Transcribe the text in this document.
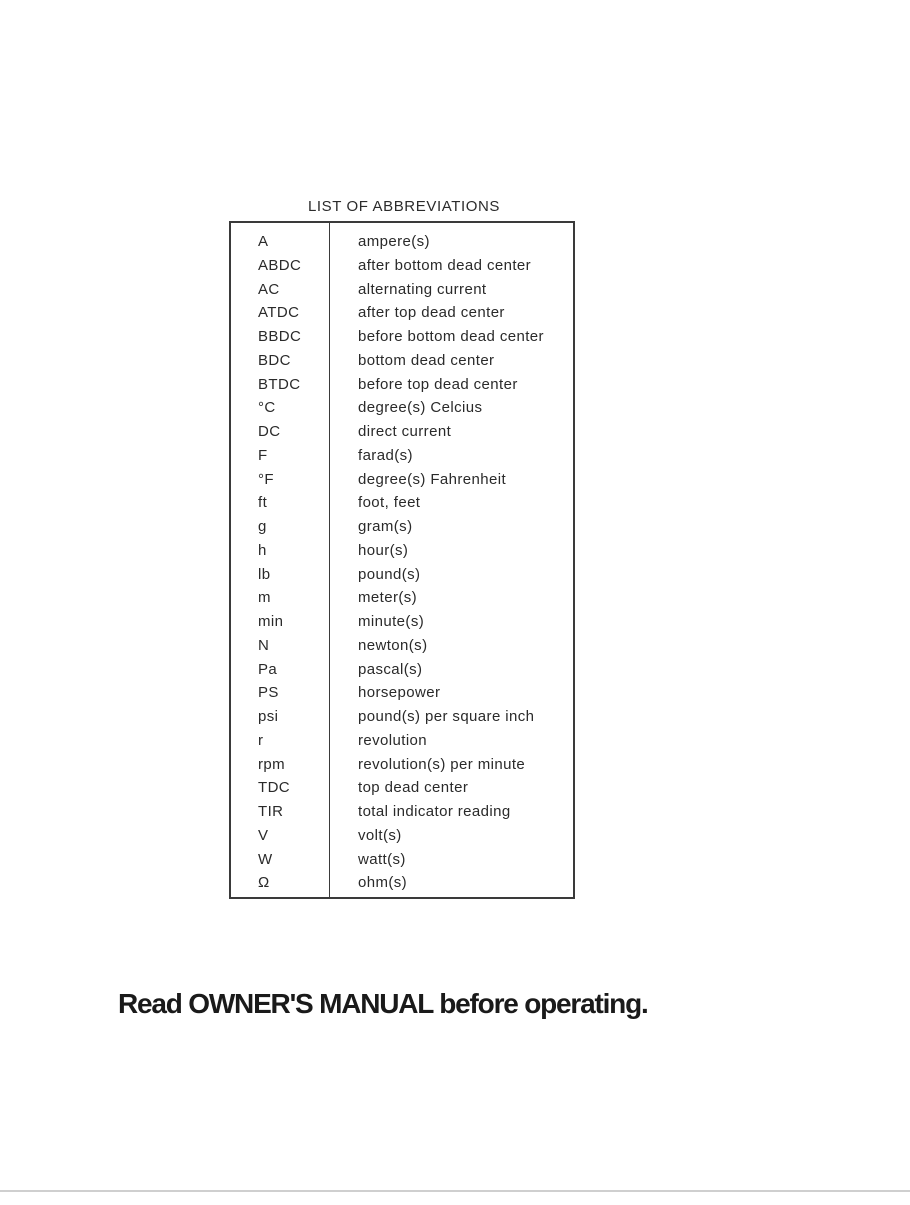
LIST OF ABBREVIATIONS
A	ampere(s)
ABDC	after bottom dead center
AC	alternating current
ATDC	after top dead center
BBDC	before bottom dead center
BDC	bottom dead center
BTDC	before top dead center
°C	degree(s) Celcius
DC	direct current
F	farad(s)
°F	degree(s) Fahrenheit
ft	foot, feet
g	gram(s)
h	hour(s)
lb	pound(s)
m	meter(s)
min	minute(s)
N	newton(s)
Pa	pascal(s)
PS	horsepower
psi	pound(s) per square inch
r	revolution
rpm	revolution(s) per minute
TDC	top dead center
TIR	total indicator reading
V	volt(s)
W	watt(s)
Ω	ohm(s)
Read OWNER'S MANUAL before operating.
